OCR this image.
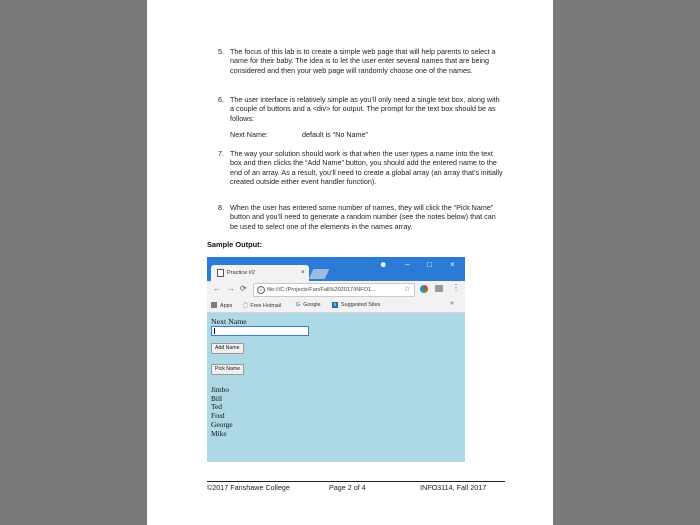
5. The focus of this lab is to create a simple web page that will help parents to select a name for their baby. The idea is to let the user enter several names that are being considered and then your web page will randomly choose one of the names.
6. The user interface is relatively simple as you’ll only need a single text box, along with a couple of buttons and a <div> for output. The prompt for the text box should be as follows:
Next Name:	default is “No Name”
7. The way your solution should work is that when the user types a name into the text box and then clicks the “Add Name” button, you should add the entered name to the end of an array. As a result, you’ll need to create a global array (an array that’s initially created outside either event handler function).
8. When the user has entered some number of names, they will click the “Pick Name” button and you’ll need to generate a random number (see the notes below) that can be used to select one of the elements in the names array.
Sample Output:
Practice #2	×
☻ – □ ×
← → ⟳	i file:///C:/Projects/Fan/Fall%202017/INFO1...	☆	⋮
Apps 🗋 Free Hotmail	G Google	b Suggested Sites	»
Next Name
Add Name
Pick Name
Jimbo
Bill
Ted
Fred
George
Mike
©2017 Fanshawe College	Page 2 of 4	INFO3114, Fall 2017
